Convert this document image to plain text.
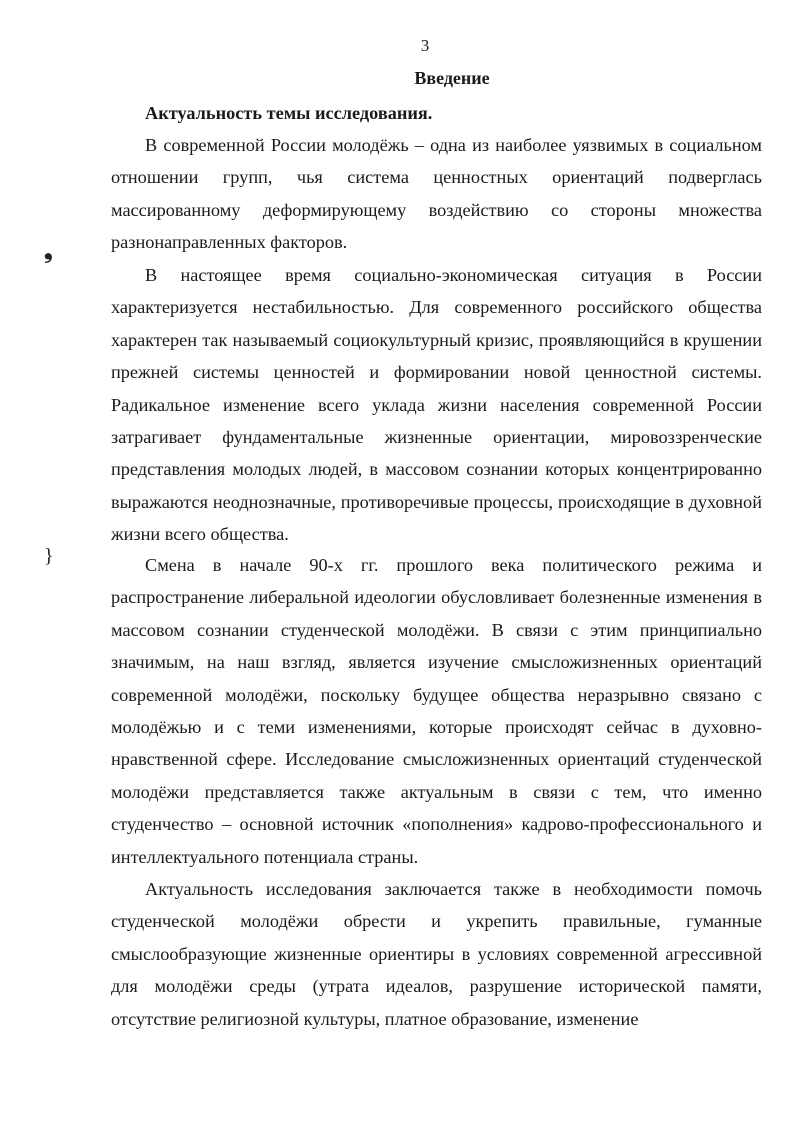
3
Введение
Актуальность темы исследования.

В современной России молодёжь – одна из наиболее уязвимых в социальном отношении групп, чья система ценностных ориентаций подверглась массированному деформирующему воздействию со стороны множества разнонаправленных факторов.

В настоящее время социально-экономическая ситуация в России характеризуется нестабильностью. Для современного российского общества характерен так называемый социокультурный кризис, проявляющийся в крушении прежней системы ценностей и формировании новой ценностной системы. Радикальное изменение всего уклада жизни населения современной России затрагивает фундаментальные жизненные ориентации, мировоззренческие представления молодых людей, в массовом сознании которых концентрированно выражаются неоднозначные, противоречивые процессы, происходящие в духовной жизни всего общества.

Смена в начале 90-х гг. прошлого века политического режима и распространение либеральной идеологии обусловливает болезненные изменения в массовом сознании студенческой молодёжи. В связи с этим принципиально значимым, на наш взгляд, является изучение смысложизненных ориентаций современной молодёжи, поскольку будущее общества неразрывно связано с молодёжью и с теми изменениями, которые происходят сейчас в духовно-нравственной сфере. Исследование смысложизненных ориентаций студенческой молодёжи представляется также актуальным в связи с тем, что именно студенчество – основной источник «пополнения» кадрово-профессионального и интеллектуального потенциала страны.

Актуальность исследования заключается также в необходимости помочь студенческой молодёжи обрести и укрепить правильные, гуманные смыслообразующие жизненные ориентиры в условиях современной агрессивной для молодёжи среды (утрата идеалов, разрушение исторической памяти, отсутствие религиозной культуры, платное образование, изменение

❟
}
